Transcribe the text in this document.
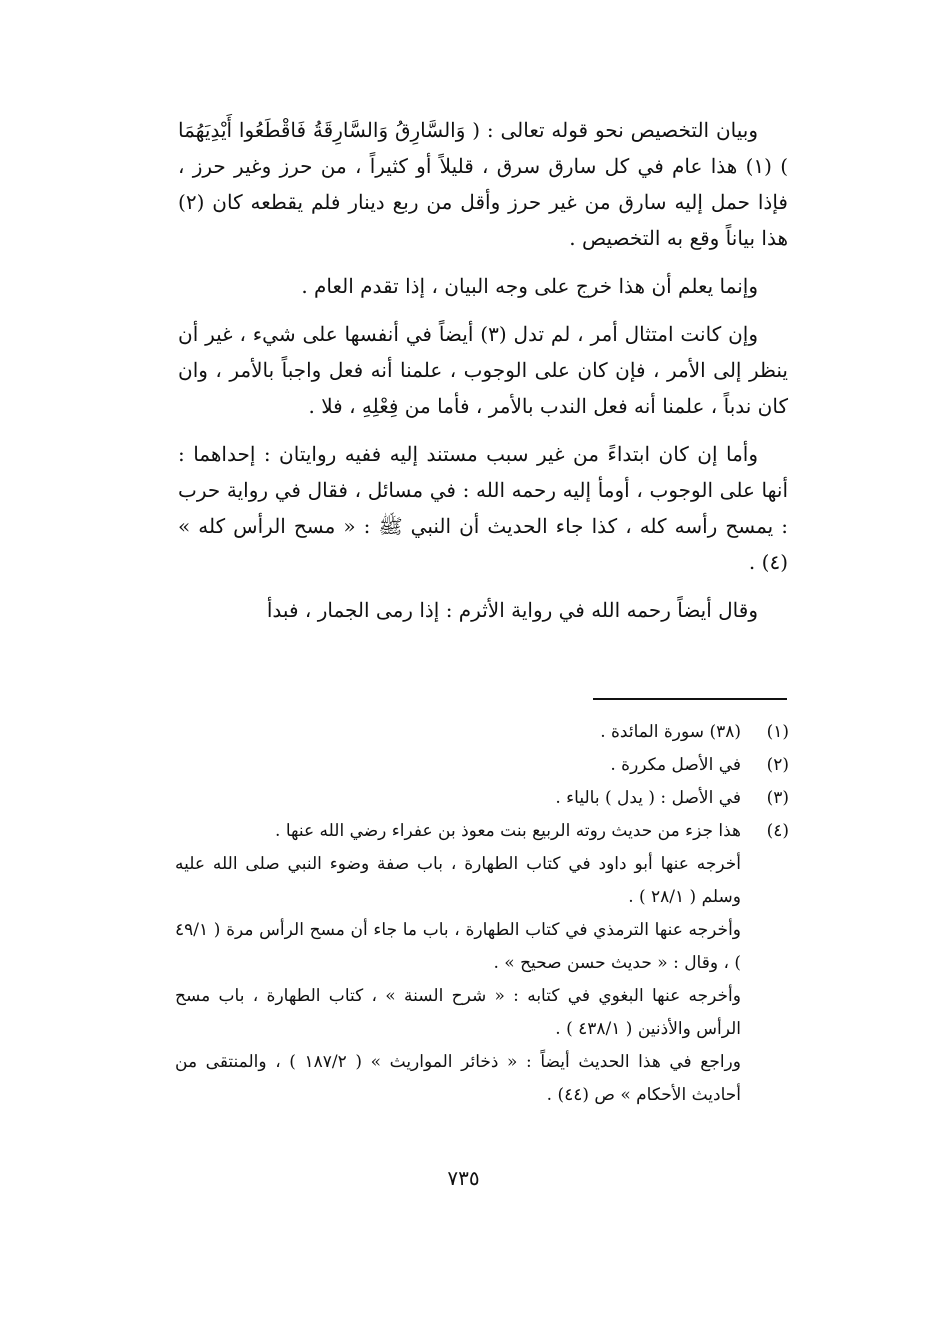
وبيان التخصيص نحو قوله تعالى : ( وَالسَّارِقُ وَالسَّارِقَةُ فَاقْطَعُوا أَيْدِيَهُمَا ) (١) هذا عام في كل سارق سرق ، قليلاً أو كثيراً ، من حرز وغير حرز ، فإذا حمل إليه سارق من غير حرز وأقل من ربع دينار فلم يقطعه كان (٢) هذا بياناً وقع به التخصيص .

وإنما يعلم أن هذا خرج على وجه البيان ، إذا تقدم العام .

وإن كانت امتثال أمر ، لم تدل (٣) أيضاً في أنفسها على شيء ، غير أن ينظر إلى الأمر ، فإن كان على الوجوب ، علمنا أنه فعل واجباً بالأمر ، وان كان ندباً ، علمنا أنه فعل الندب بالأمر ، فأما من فِعْلِهِ ، فلا .

وأما إن كان ابتداءً من غير سبب مستند إليه ففيه روايتان : إحداهما : أنها على الوجوب ، أومأ إليه رحمه الله : في مسائل ، فقال في رواية حرب : يمسح رأسه كله ، كذا جاء الحديث أن النبي ﷺ : « مسح الرأس كله » (٤) .

وقال أيضاً رحمه الله في رواية الأثرم : إذا رمى الجمار ، فبدأ

(١)
(٣٨) سورة المائدة .
(٢)
في الأصل مكررة .
(٣)
في الأصل : ( يدل ) بالياء .
(٤)
هذا جزء من حديث روته الربيع بنت معوذ بن عفراء رضي الله عنها .
أخرجه عنها أبو داود في كتاب الطهارة ، باب صفة وضوء النبي صلى الله عليه وسلم ( ٢٨/١ ) .
وأخرجه عنها الترمذي في كتاب الطهارة ، باب ما جاء أن مسح الرأس مرة ( ٤٩/١ ) ، وقال : « حديث حسن صحيح » .
وأخرجه عنها البغوي في كتابه : « شرح السنة » ، كتاب الطهارة ، باب مسح الرأس والأذنين ( ٤٣٨/١ ) .
وراجع في هذا الحديث أيضاً : « ذخائر المواريث » ( ١٨٧/٢ ) ، والمنتقى من أحاديث الأحكام » ص (٤٤) .
٧٣٥
